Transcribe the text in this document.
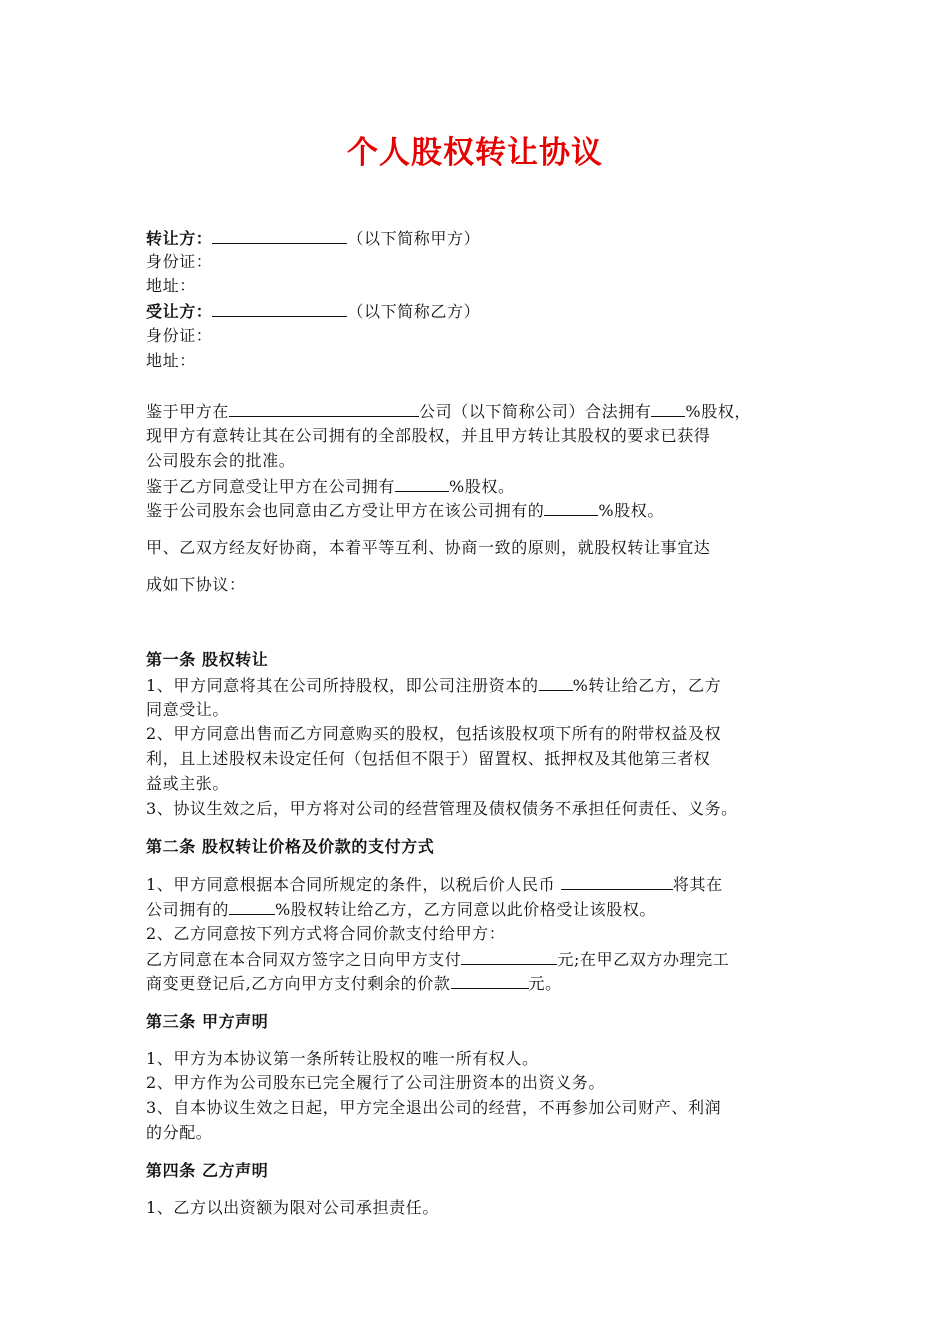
个人股权转让协议
转让方：	（以下简称甲方）
身份证：
地址：
受让方：	（以下简称乙方）
身份证：
地址：
鉴于甲方在	公司（以下简称公司）合法拥有 %股权，
现甲方有意转让其在公司拥有的全部股权，并且甲方转让其股权的要求已获得
公司股东会的批准。
鉴于乙方同意受让甲方在公司拥有	%股权。
鉴于公司股东会也同意由乙方受让甲方在该公司拥有的	%股权。
甲、乙双方经友好协商，本着平等互利、协商一致的原则，就股权转让事宜达
成如下协议：
第一条 股权转让
1、甲方同意将其在公司所持股权，即公司注册资本的 %转让给乙方，乙方
同意受让。
2、甲方同意出售而乙方同意购买的股权，包括该股权项下所有的附带权益及权
利，且上述股权未设定任何（包括但不限于）留置权、抵押权及其他第三者权
益或主张。
3、协议生效之后，甲方将对公司的经营管理及债权债务不承担任何责任、义务。
第二条 股权转让价格及价款的支付方式
1、甲方同意根据本合同所规定的条件，以税后价人民币	将其在
公司拥有的	%股权转让给乙方，乙方同意以此价格受让该股权。
2、乙方同意按下列方式将合同价款支付给甲方：
乙方同意在本合同双方签字之日向甲方支付	元;在甲乙双方办理完工
商变更登记后,乙方向甲方支付剩余的价款	元。
第三条 甲方声明
1、甲方为本协议第一条所转让股权的唯一所有权人。
2、甲方作为公司股东已完全履行了公司注册资本的出资义务。
3、自本协议生效之日起，甲方完全退出公司的经营，不再参加公司财产、利润
的分配。
第四条 乙方声明
1、乙方以出资额为限对公司承担责任。
